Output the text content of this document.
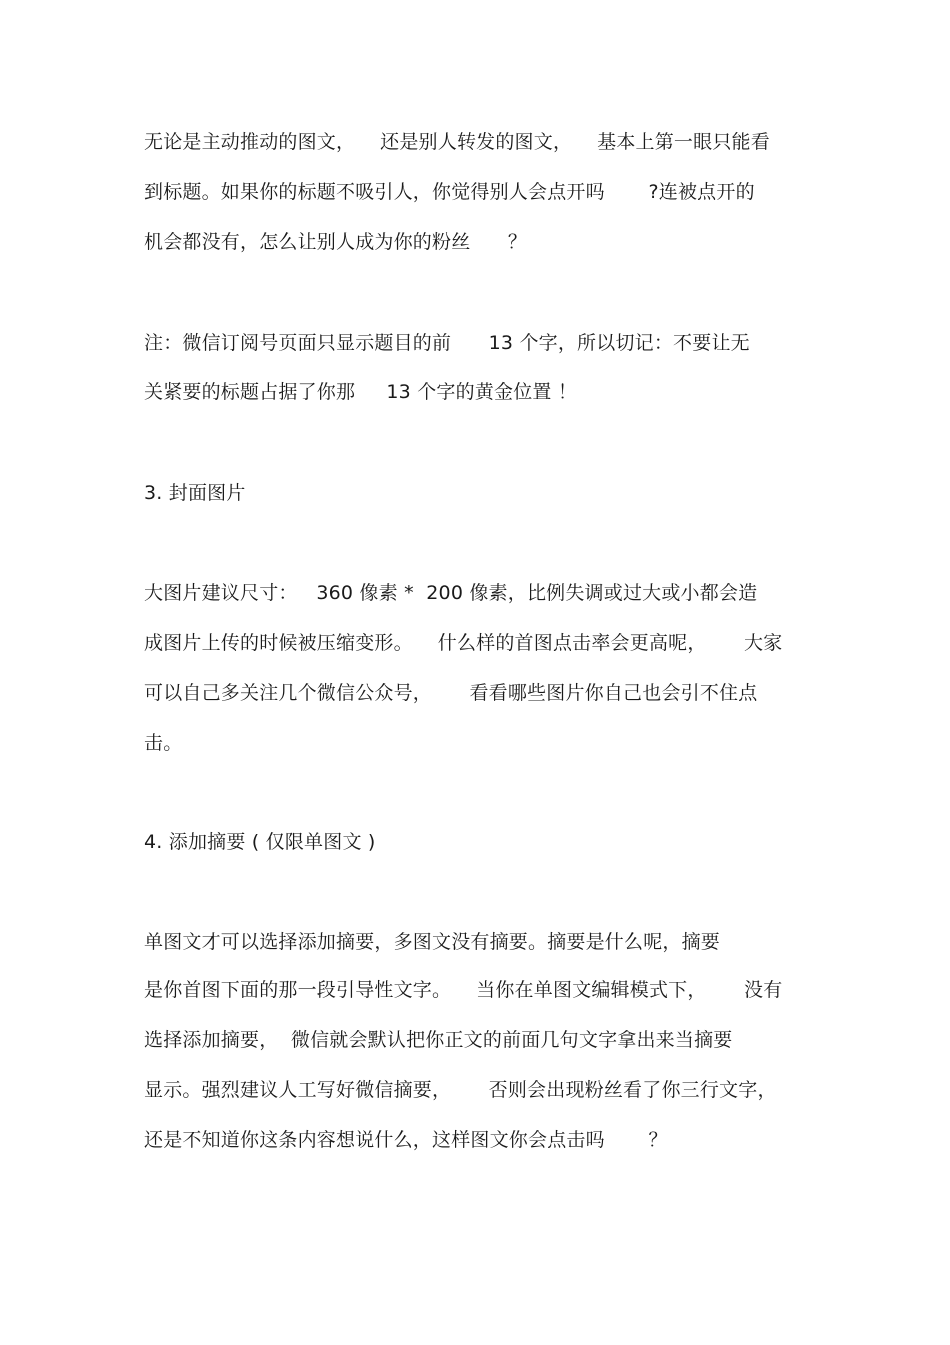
无论是主动推动的图文，    还是别人转发的图文，    基本上第一眼只能看
到标题。如果你的标题不吸引人，你觉得别人会点开吗       ?连被点开的
机会都没有，怎么让别人成为你的粉丝      ？
注：微信订阅号页面只显示题目的前      13 个字，所以切记：不要让无
关紧要的标题占据了你那     13 个字的黄金位置 ！
3. 封面图片
大图片建议尺寸：   360 像素 *  200 像素，比例失调或过大或小都会造
成图片上传的时候被压缩变形。    什么样的首图点击率会更高呢，      大家
可以自己多关注几个微信公众号，      看看哪些图片你自己也会引不住点
击。
4. 添加摘要 ( 仅限单图文 )
单图文才可以选择添加摘要，多图文没有摘要。摘要是什么呢，摘要
是你首图下面的那一段引导性文字。    当你在单图文编辑模式下，      没有
选择添加摘要，  微信就会默认把你正文的前面几句文字拿出来当摘要
显示。强烈建议人工写好微信摘要，      否则会出现粉丝看了你三行文字，
还是不知道你这条内容想说什么，这样图文你会点击吗       ？
